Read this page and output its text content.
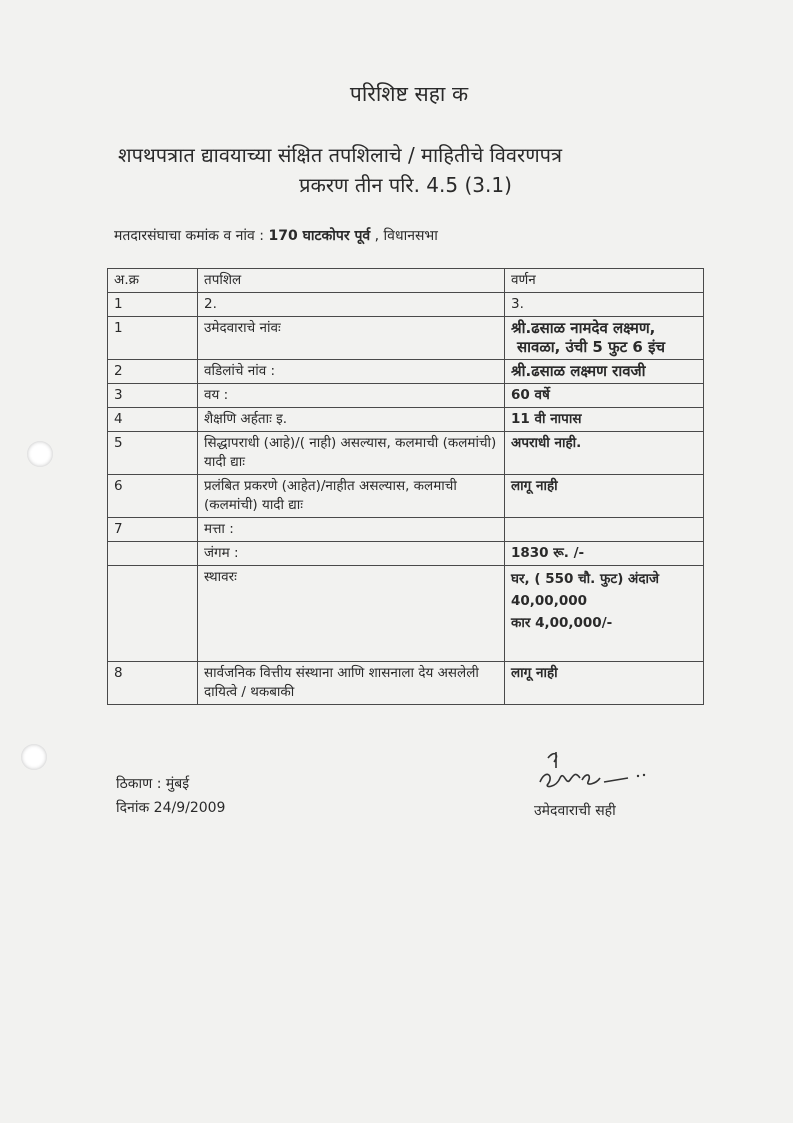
परिशिष्ट सहा क
शपथपत्रात द्यावयाच्या संक्षित तपशिलाचे / माहितीचे विवरणपत्र
प्रकरण तीन परि. 4.5 (3.1)
मतदारसंघाचा कमांक व नांव : 170 घाटकोपर पूर्व , विधानसभा
अ.क्र	तपशिल	वर्णन
1	2.	3.
1	उमेदवाराचे नांवः	श्री.ढसाळ नामदेव लक्ष्मण,
सावळा, उंची 5 फुट 6 इंच

2	वडिलांचे नांव :	श्री.ढसाळ लक्ष्मण रावजी
3	वय :	60 वर्षे
4	शैक्षणि अर्हताः इ.	11 वी नापास
5	सिद्धापराधी (आहे)/( नाही) असल्यास, कलमाची (कलमांची) यादी द्याः	अपराधी नाही.
6	प्रलंबित प्रकरणे (आहेत)/नाहीत असल्यास, कलमाची (कलमांची) यादी द्याः	लागू नाही
7	मत्ता :	
	जंगम :	1830 रू. /-
	स्थावरः	घर, ( 550 चौ. फुट) अंदाजे
40,00,000
कार 4,00,000/-

8	सार्वजनिक वित्तीय संस्थाना आणि शासनाला देय असलेली दायित्वे / थकबाकी	लागू नाही
ठिकाण : मुंबई
दिनांक 24/9/2009	उमेदवाराची सही
